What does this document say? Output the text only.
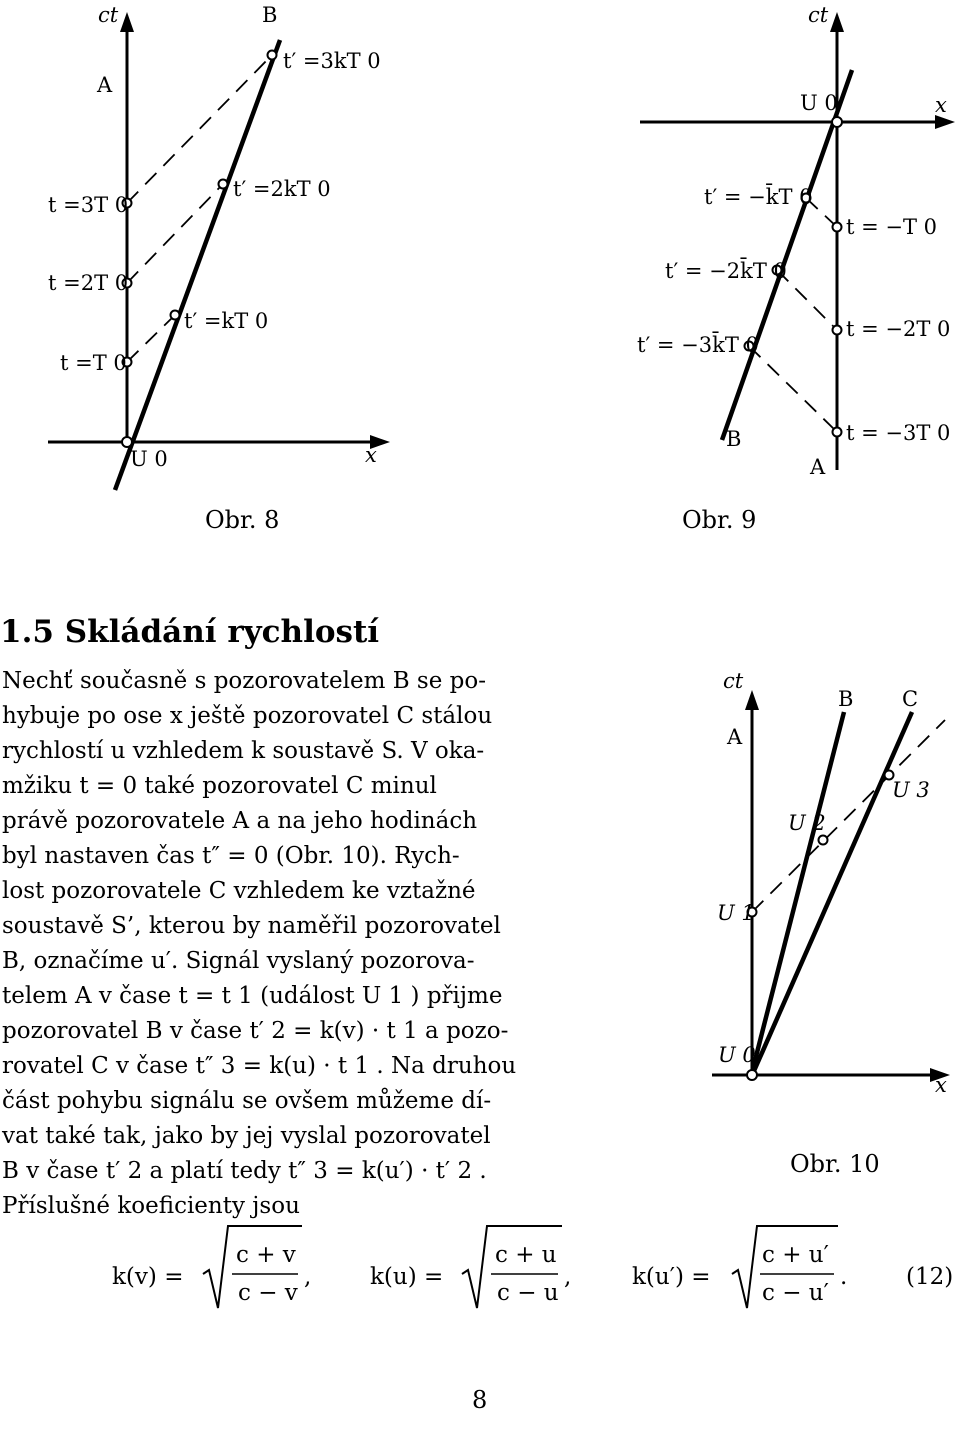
ct	B
A
t′ =3kT 0
t′ =2kT 0
t′ =kT 0
t =3T 0
t =2T 0
t =T 0
U 0	x
Obr. 8
ct
U 0	x
t′ = −k̄T 0
t′ = −2k̄T 0
t′ = −3k̄T 0
t = −T 0
t = −2T 0
t = −3T 0
B
A
Obr. 9
1.5 Skládání rychlostí
Nechť současně s pozorovatelem B se po-
hybuje po ose x ještě pozorovatel C stálou
rychlostí u vzhledem k soustavě S. V oka-
mžiku t = 0 také pozorovatel C minul
právě pozorovatele A a na jeho hodinách
byl nastaven čas t″ = 0 (Obr. 10). Rych-
lost pozorovatele C vzhledem ke vztažné
soustavě S’, kterou by naměřil pozorovatel
B, označíme u′. Signál vyslaný pozorova-
telem A v čase t = t 1 (událost U 1 ) přijme
pozorovatel B v čase t′ 2 = k(v) · t 1 a pozo-
rovatel C v čase t″ 3 = k(u) · t 1 . Na druhou
část pohybu signálu se ovšem můžeme dí-
vat také tak, jako by jej vyslal pozorovatel
B v čase t′ 2 a platí tedy t″ 3 = k(u′) · t′ 2 .
Příslušné koeficienty jsou
ct
A
B C
U 3
U 2
U 1
U 0
x
Obr. 10
k(v) =
c + v
c − v
,	k(u) =
c + u
c − u
,	k(u′) =
c + u′
c − u′
.	(12)
8
